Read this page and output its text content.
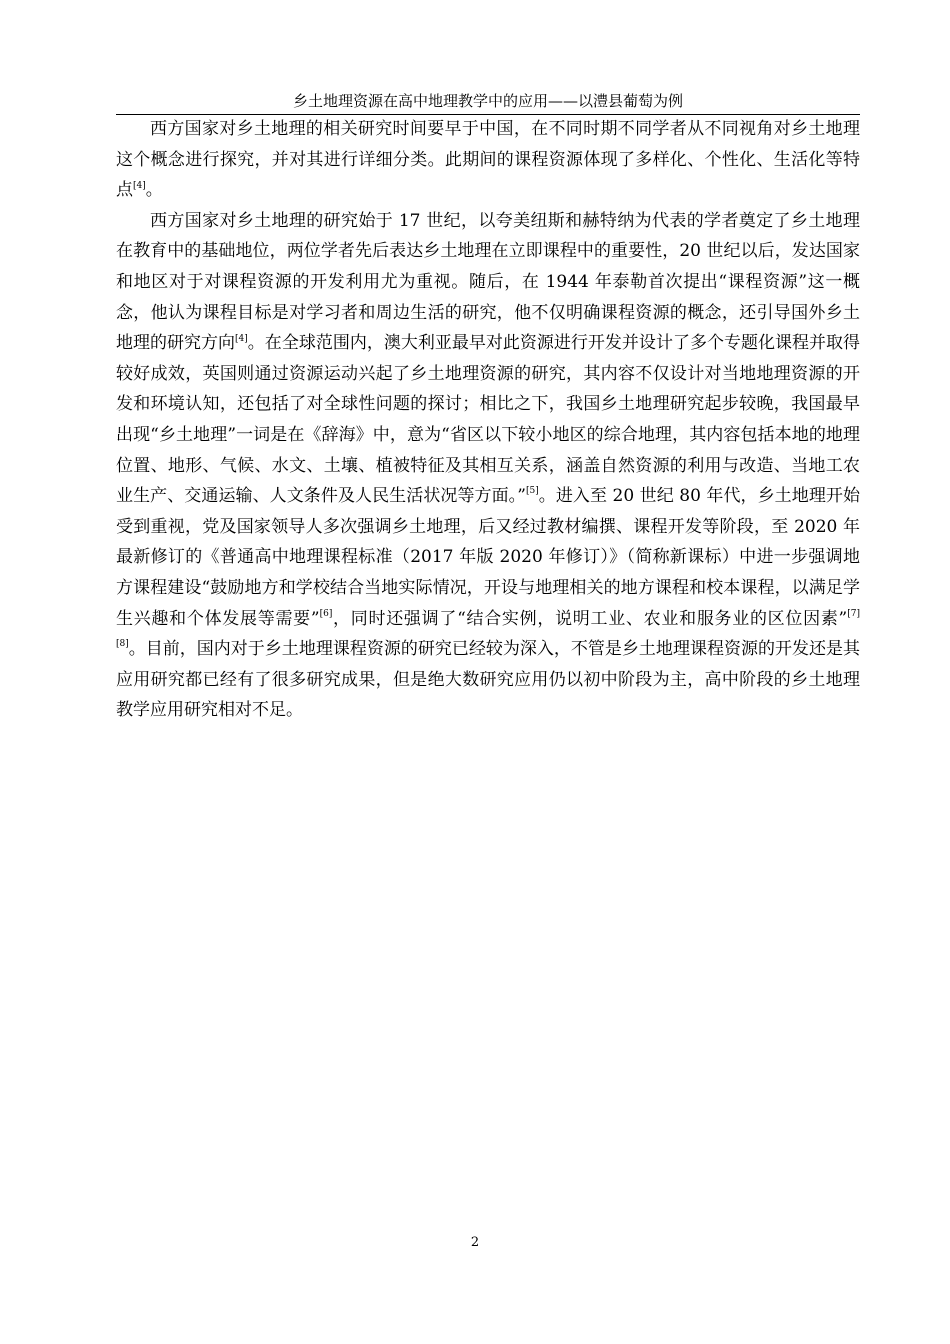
乡土地理资源在高中地理教学中的应用——以澧县葡萄为例

西方国家对乡土地理的相关研究时间要早于中国，在不同时期不同学者从不同视角对乡土地理这个概念进行探究，并对其进行详细分类。此期间的课程资源体现了多样化、个性化、生活化等特点[4]。

西方国家对乡土地理的研究始于 17 世纪，以夸美纽斯和赫特纳为代表的学者奠定了乡土地理在教育中的基础地位，两位学者先后表达乡土地理在立即课程中的重要性，20 世纪以后，发达国家和地区对于对课程资源的开发利用尤为重视。随后，在 1944 年泰勒首次提出“课程资源”这一概念，他认为课程目标是对学习者和周边生活的研究，他不仅明确课程资源的概念，还引导国外乡土地理的研究方向[4]。在全球范围内，澳大利亚最早对此资源进行开发并设计了多个专题化课程并取得较好成效，英国则通过资源运动兴起了乡土地理资源的研究，其内容不仅设计对当地地理资源的开发和环境认知，还包括了对全球性问题的探讨；相比之下，我国乡土地理研究起步较晚，我国最早出现“乡土地理”一词是在《辞海》中，意为“省区以下较小地区的综合地理，其内容包括本地的地理位置、地形、气候、水文、土壤、植被特征及其相互关系，涵盖自然资源的利用与改造、当地工农业生产、交通运输、人文条件及人民生活状况等方面。”[5]。进入至 20 世纪 80 年代，乡土地理开始受到重视，党及国家领导人多次强调乡土地理，后又经过教材编撰、课程开发等阶段，至 2020 年最新修订的《普通高中地理课程标准（2017 年版 2020 年修订）》（简称新课标）中进一步强调地方课程建设“鼓励地方和学校结合当地实际情况，开设与地理相关的地方课程和校本课程，以满足学生兴趣和个体发展等需要”[6]，同时还强调了“结合实例，说明工业、农业和服务业的区位因素”[7][8]。目前，国内对于乡土地理课程资源的研究已经较为深入，不管是乡土地理课程资源的开发还是其应用研究都已经有了很多研究成果，但是绝大数研究应用仍以初中阶段为主，高中阶段的乡土地理教学应用研究相对不足。

2
